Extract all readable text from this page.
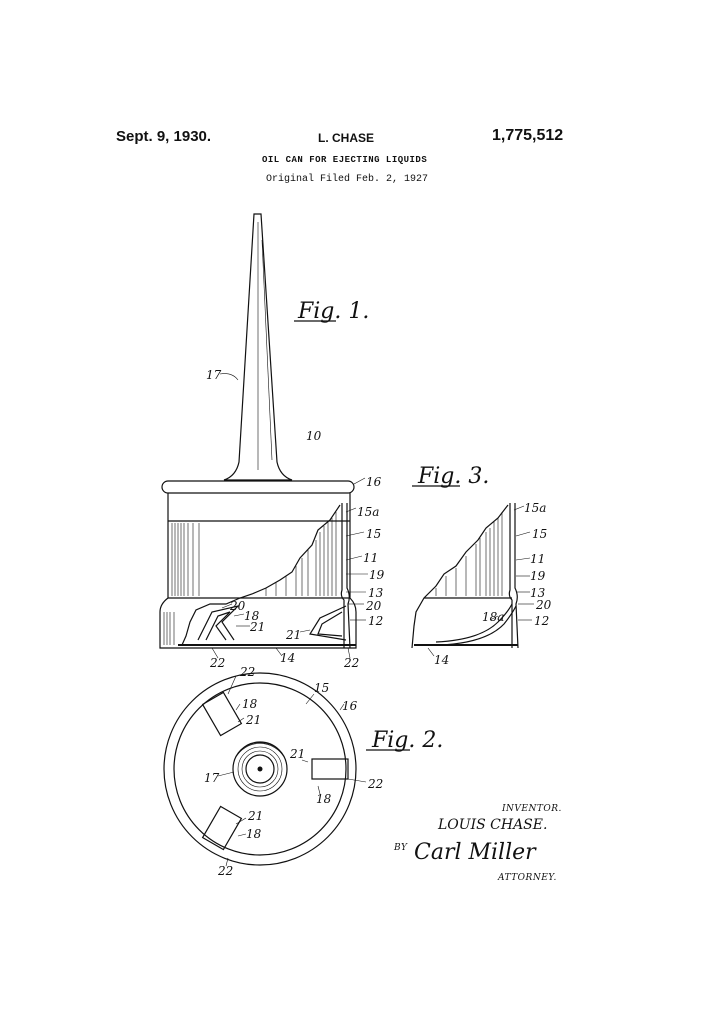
Sept. 9, 1930.	L. CHASE	1,775,512
OIL CAN FOR EJECTING LIQUIDS
Original Filed Feb. 2, 1927
Fig. 1.
17
10
16
15a
15
11
19
13
20
12
20
18
21
21
22	14	22
Fig. 3.
15a
15
11
19
13
20
12
18a
14
Fig. 2.
22
18
21
15
16
21
22
18
17
21
18
22
INVENTOR.
LOUIS CHASE.
BY Carl Miller
ATTORNEY.
